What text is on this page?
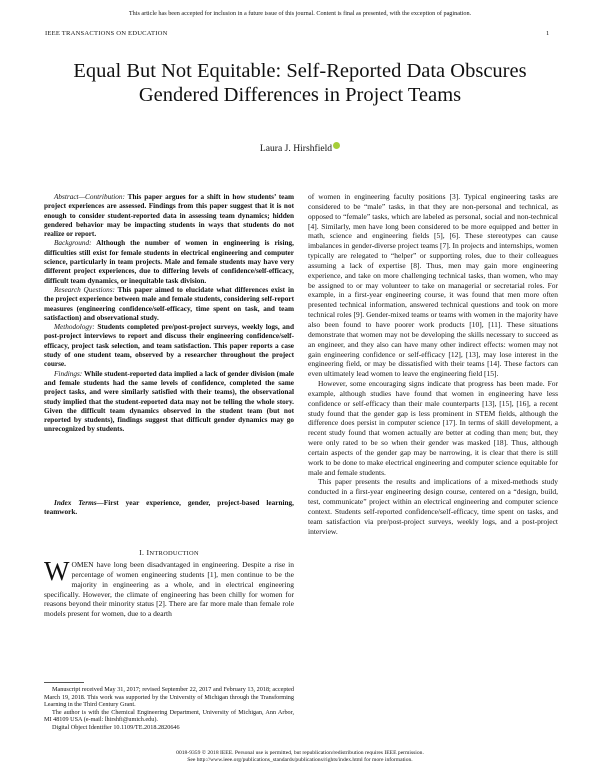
This article has been accepted for inclusion in a future issue of this journal. Content is final as presented, with the exception of pagination.
IEEE TRANSACTIONS ON EDUCATION	1
Equal But Not Equitable: Self-Reported Data Obscures Gendered Differences in Project Teams
Laura J. Hirshfield

Abstract—Contribution: This paper argues for a shift in how students’ team project experiences are assessed. Findings from this paper suggest that it is not enough to consider student-reported data in assessing team dynamics; hidden gendered behavior may be impacting students in ways that students do not realize or report.

Background: Although the number of women in engineering is rising, difficulties still exist for female students in electrical engineering and computer science, particularly in team projects. Male and female students may have very different project experiences, due to differing levels of confidence/self-efficacy, difficult team dynamics, or inequitable task division.

Research Questions: This paper aimed to elucidate what differences exist in the project experience between male and female students, considering self-report measures (engineering confidence/self-efficacy, time spent on task, and team satisfaction) and observational study.

Methodology: Students completed pre/post-project surveys, weekly logs, and post-project interviews to report and discuss their engineering confidence/self-efficacy, project task selection, and team satisfaction. This paper reports a case study of one student team, observed by a researcher throughout the project course.

Findings: While student-reported data implied a lack of gender division (male and female students had the same levels of confidence, completed the same project tasks, and were similarly satisfied with their teams), the observational study implied that the student-reported data may not be telling the whole story. Given the difficult team dynamics observed in the student team (but not reported by students), findings suggest that difficult gender dynamics may go unrecognized by students.

Index Terms—First year experience, gender, project-based learning, teamwork.

I. INTRODUCTION

WOMEN have long been disadvantaged in engineering. Despite a rise in percentage of women engineering students [1], men continue to be the majority in engineering as a whole, and in electrical engineering specifically. However, the climate of engineering has been chilly for women for reasons beyond their minority status [2]. There are far more male than female role models present for women, due to a dearth

Manuscript received May 31, 2017; revised September 22, 2017 and February 13, 2018; accepted March 19, 2018. This work was supported by the University of Michigan through the Transforming Learning in the Third Century Grant.

The author is with the Chemical Engineering Department, University of Michigan, Ann Arbor, MI 48109 USA (e-mail: lhirshfi@umich.edu).

Digital Object Identifier 10.1109/TE.2018.2820646

of women in engineering faculty positions [3]. Typical engineering tasks are considered to be “male” tasks, in that they are non-personal and technical, as opposed to “female” tasks, which are labeled as personal, social and non-technical [4]. Similarly, men have long been considered to be more equipped and better in math, science and engineering fields [5], [6]. These stereotypes can cause imbalances in gender-diverse project teams [7]. In projects and internships, women typically are relegated to “helper” or supporting roles, due to their colleagues assuming a lack of expertise [8]. Thus, men may gain more engineering experience, and take on more challenging technical tasks, than women, who may be assigned to or may volunteer to take on managerial or secretarial roles. For example, in a first-year engineering course, it was found that men more often presented technical information, answered technical questions and took on more technical roles [9]. Gender-mixed teams or teams with women in the majority have also been found to have poorer work products [10], [11]. These situations demonstrate that women may not be developing the skills necessary to succeed as an engineer, and they also can have many other indirect effects: women may not gain engineering confidence or self-efficacy [12], [13], may lose interest in the engineering field, or may be dissatisfied with their teams [14]. These factors can even ultimately lead women to leave the engineering field [15].

However, some encouraging signs indicate that progress has been made. For example, although studies have found that women in engineering have less confidence or self-efficacy than their male counterparts [13], [15], [16], a recent study found that the gender gap is less prominent in STEM fields, although the difference does persist in computer science [17]. In terms of skill development, a recent study found that women actually are better at coding than men; but, they were only rated to be so when their gender was masked [18]. Thus, although certain aspects of the gender gap may be narrowing, it is clear that there is still work to be done to make electrical engineering and computer science equitable for male and female students.

This paper presents the results and implications of a mixed-methods study conducted in a first-year engineering design course, centered on a “design, build, test, communicate” project within an electrical engineering and computer science context. Students self-reported confidence/self-efficacy, time spent on tasks, and team satisfaction via pre/post-project surveys, weekly logs, and a post-project interview.

0018-9359 © 2018 IEEE. Personal use is permitted, but republication/redistribution requires IEEE permission.
See http://www.ieee.org/publications_standards/publications/rights/index.html for more information.
